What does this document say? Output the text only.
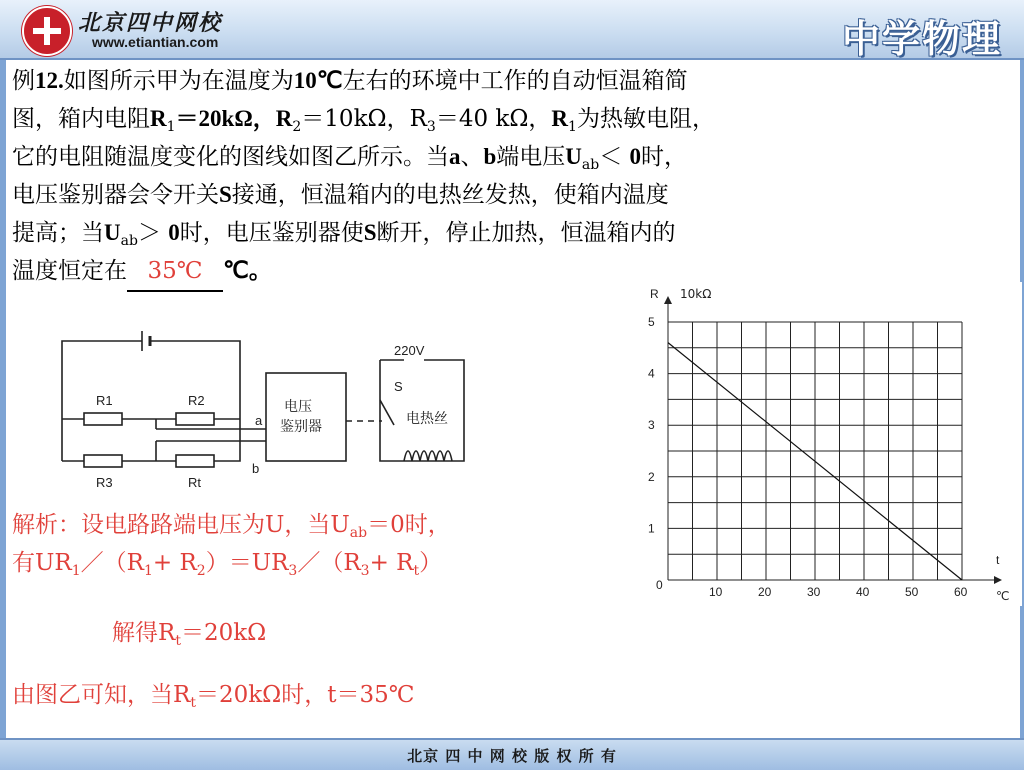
北京四中网校
www.etiantian.com	中学物理
例12.如图所示甲为在温度为10℃左右的环境中工作的自动恒温箱简
图，箱内电阻$R_1=20k\Omega$，$R_2=10k\Omega$，$R_3=40$ kΩ，$R_1$为热敏电阻，
它的电阻随温度变化的图线如图乙所示。当a、b端电压$U_{ab}< 0$时，
电压鉴别器会令开关S接通，恒温箱内的电热丝发热，使箱内温度
提高；当$U_{ab}> 0$时，电压鉴别器使S断开，停止加热，恒温箱内的
温度恒定在 35℃ ℃。
R1	R2
R3	Rt
a
b
220V
S
电压
鉴别器	电热丝
10	20	30	40	50	60
1
2
3
4
5
R 10kΩ
t
℃
0
解析：设电路路端电压为U，当$U_{ab}=0$时，
有$UR_1/(R_1+$ $R_2)=UR_3/(R_3+ R_t)$
解得$R_t=20k\Omega$
由图乙可知，当$R_t=20k\Omega$时，t＝35℃
北京 四 中 网 校 版 权 所 有
